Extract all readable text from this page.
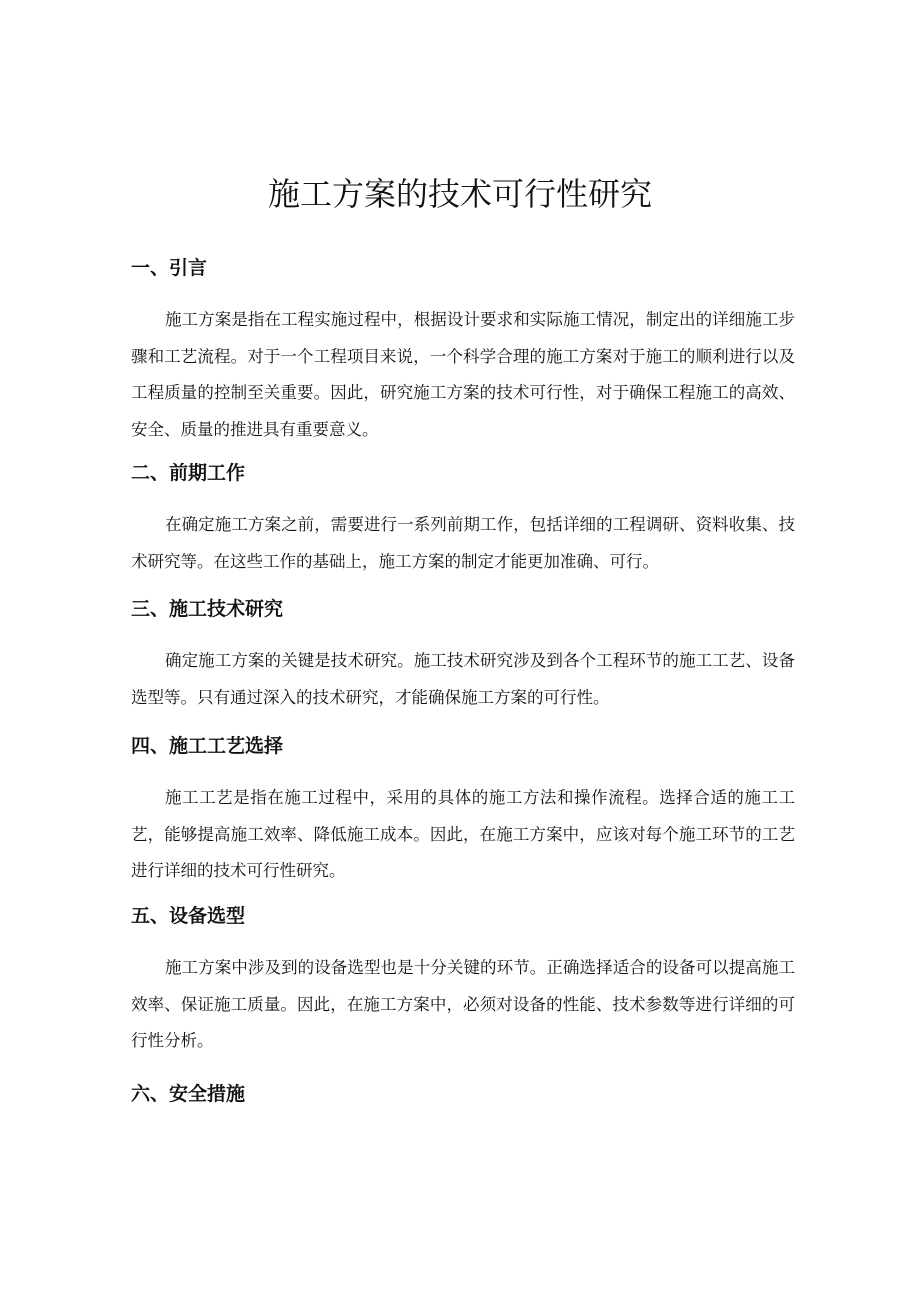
施工方案的技术可行性研究
一、引言

施工方案是指在工程实施过程中，根据设计要求和实际施工情况，制定出的详细施工步骤和工艺流程。对于一个工程项目来说，一个科学合理的施工方案对于施工的顺利进行以及工程质量的控制至关重要。因此，研究施工方案的技术可行性，对于确保工程施工的高效、安全、质量的推进具有重要意义。

二、前期工作

在确定施工方案之前，需要进行一系列前期工作，包括详细的工程调研、资料收集、技术研究等。在这些工作的基础上，施工方案的制定才能更加准确、可行。

三、施工技术研究

确定施工方案的关键是技术研究。施工技术研究涉及到各个工程环节的施工工艺、设备选型等。只有通过深入的技术研究，才能确保施工方案的可行性。

四、施工工艺选择

施工工艺是指在施工过程中，采用的具体的施工方法和操作流程。选择合适的施工工艺，能够提高施工效率、降低施工成本。因此，在施工方案中，应该对每个施工环节的工艺进行详细的技术可行性研究。

五、设备选型

施工方案中涉及到的设备选型也是十分关键的环节。正确选择适合的设备可以提高施工效率、保证施工质量。因此，在施工方案中，必须对设备的性能、技术参数等进行详细的可行性分析。

六、安全措施
